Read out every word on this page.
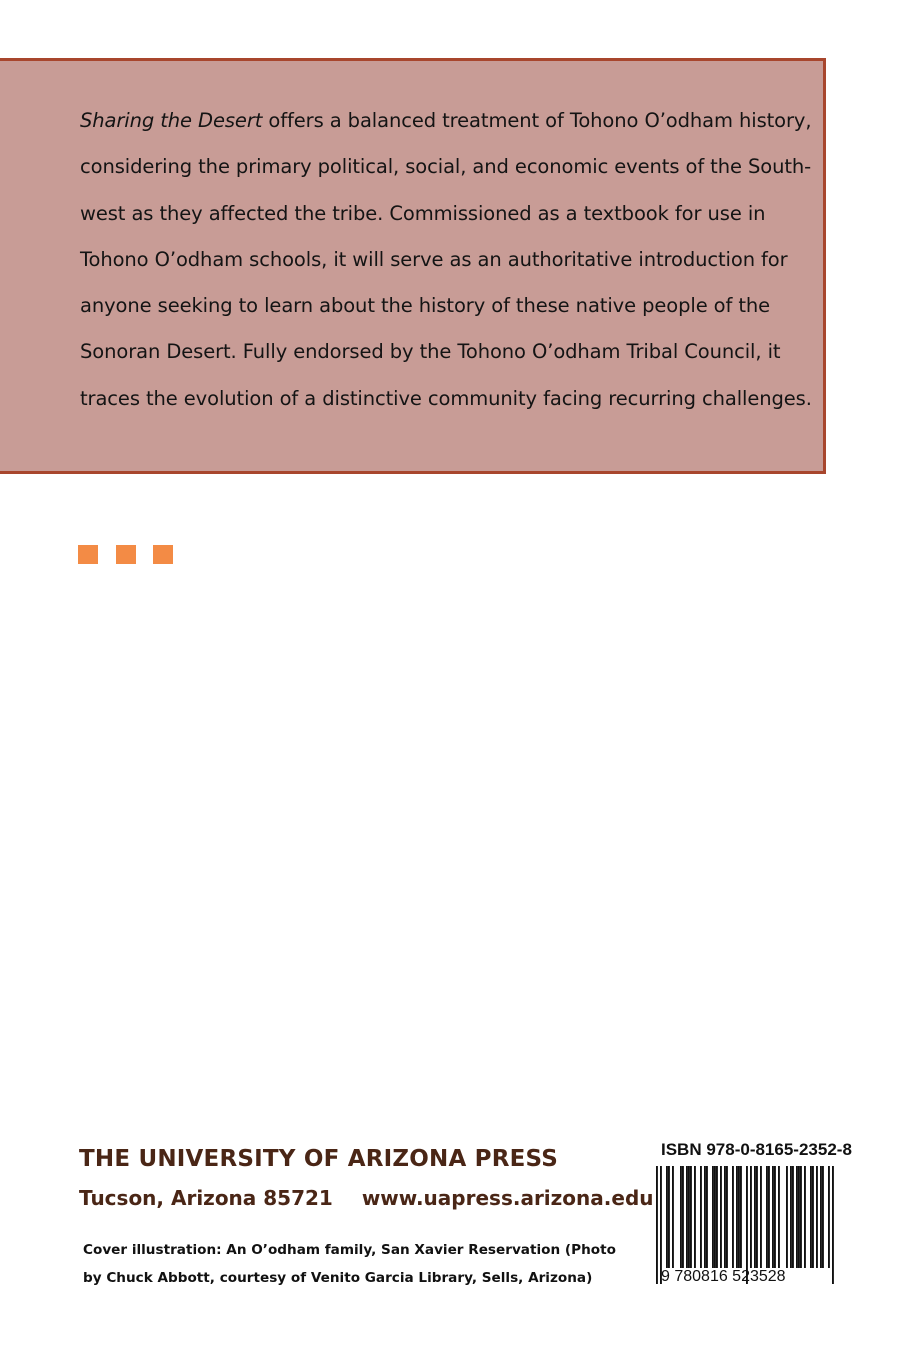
Sharing the Desert offers a balanced treatment of Tohono O’odham history,
considering the primary political, social, and economic events of the South-
west as they affected the tribe. Commissioned as a textbook for use in
Tohono O’odham schools, it will serve as an authoritative introduction for
anyone seeking to learn about the history of these native people of the
Sonoran Desert. Fully endorsed by the Tohono O’odham Tribal Council, it
traces the evolution of a distinctive community facing recurring challenges.
THE UNIVERSITY OF ARIZONA PRESS
Tucson, Arizona 85721 www.uapress.arizona.edu
Cover illustration: An O’odham family, San Xavier Reservation (Photo
by Chuck Abbott, courtesy of Venito Garcia Library, Sells, Arizona)
ISBN 978-0-8165-2352-8
9 780816 523528
